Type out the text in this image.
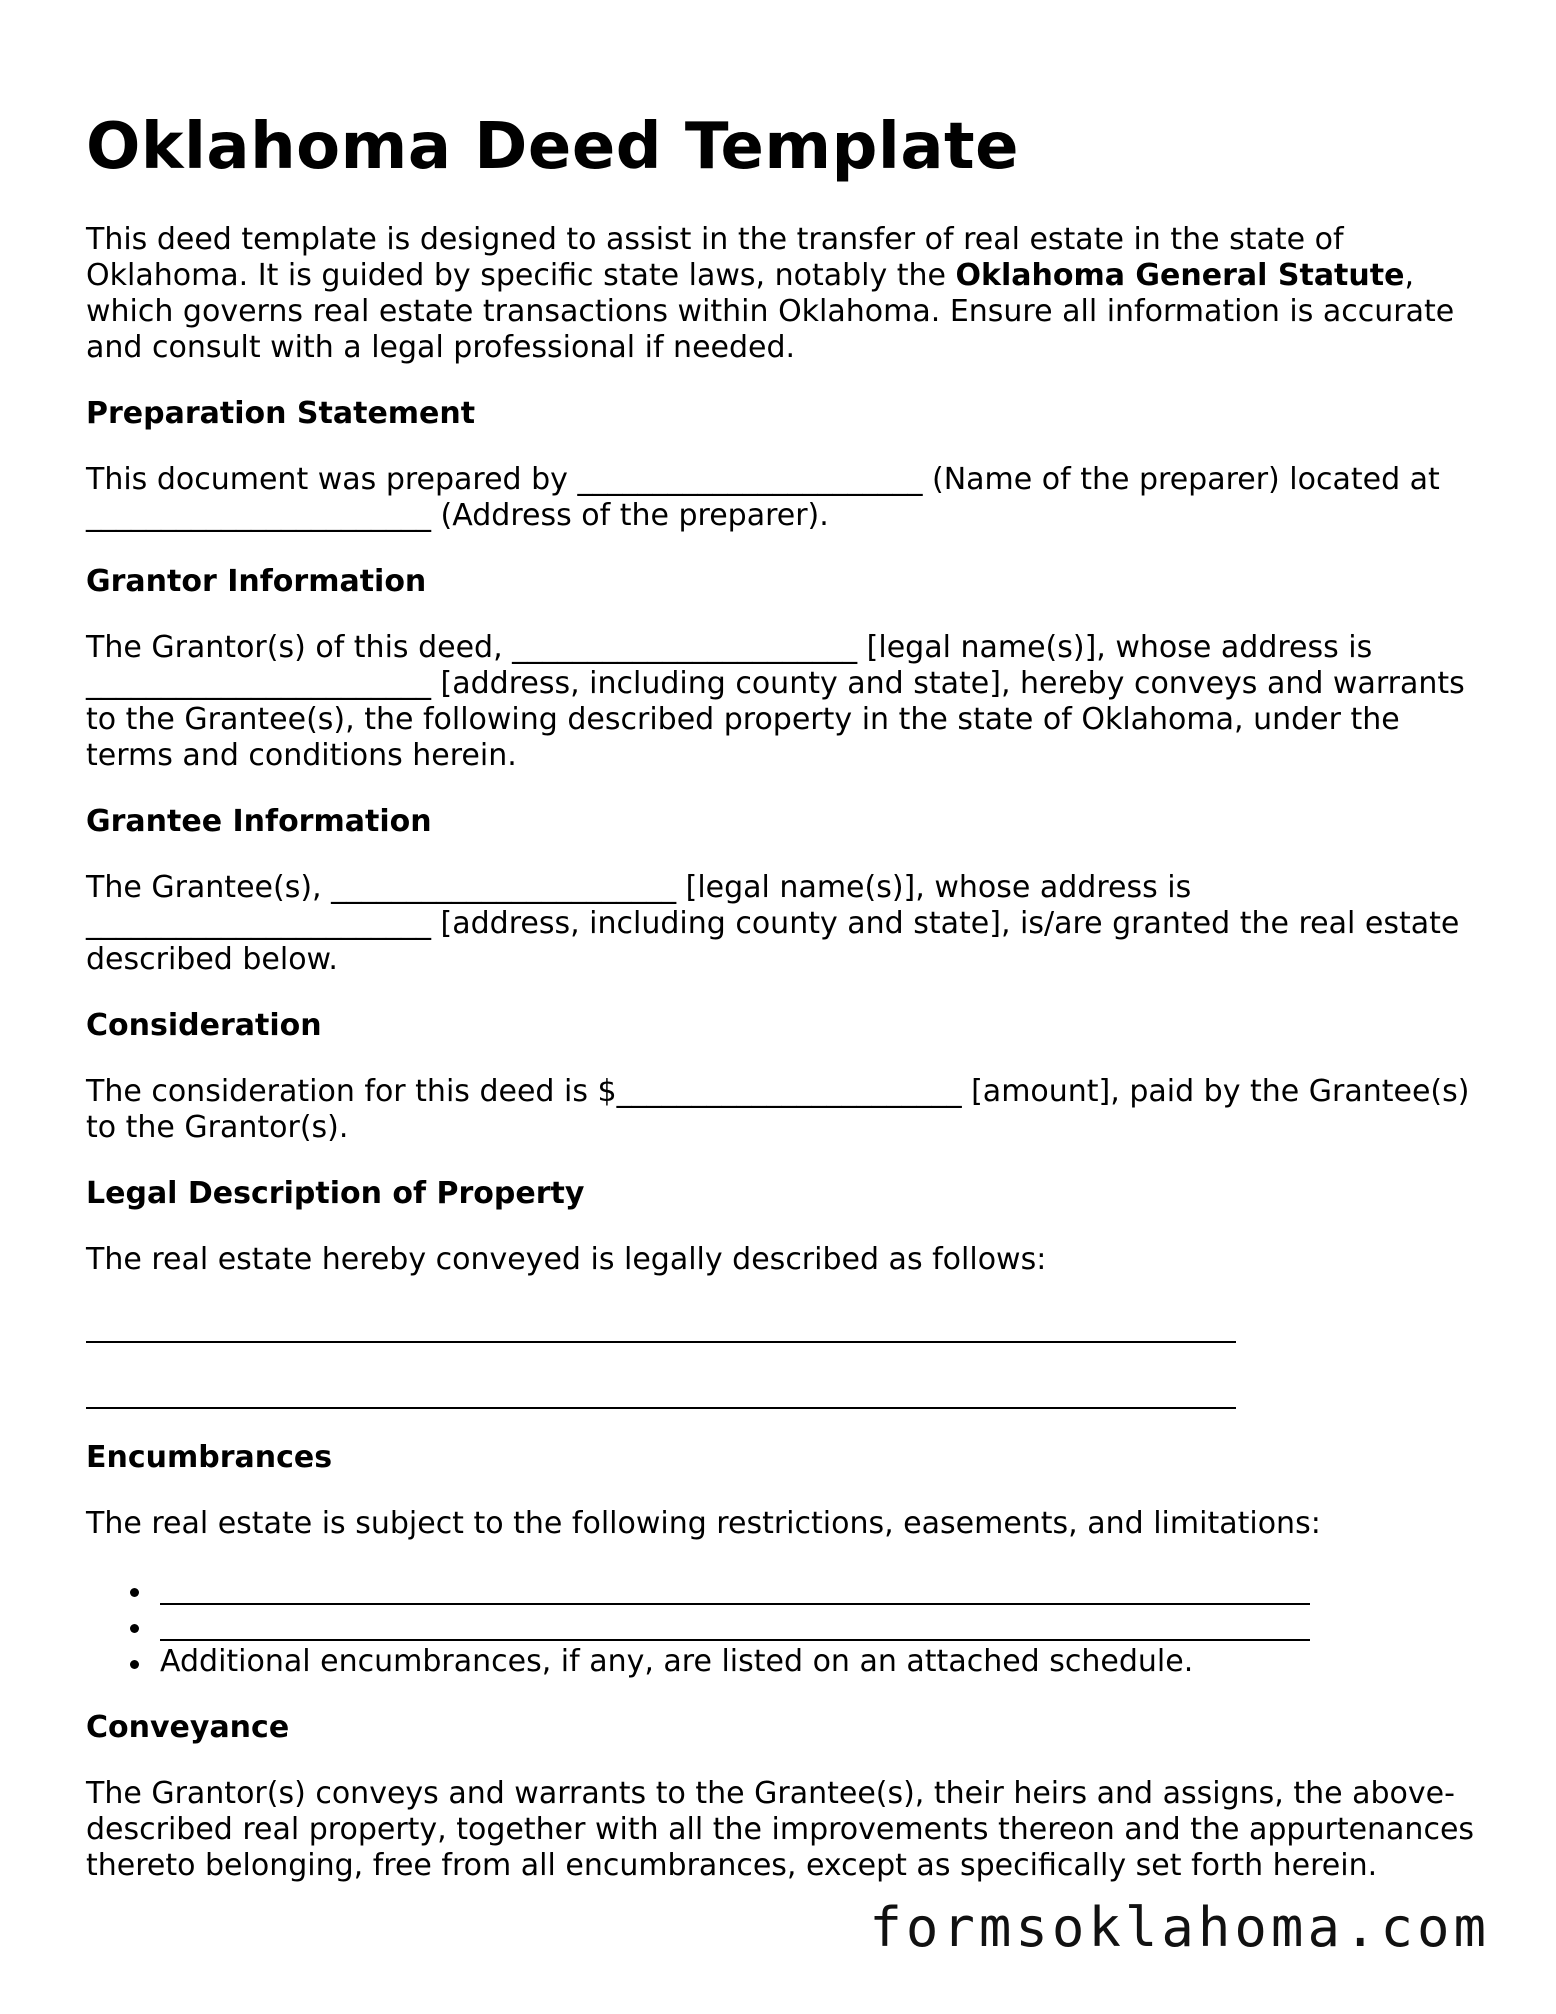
Oklahoma Deed Template

This deed template is designed to assist in the transfer of real estate in the state of Oklahoma. It is guided by specific state laws, notably the Oklahoma General Statute, which governs real estate transactions within Oklahoma. Ensure all information is accurate and consult with a legal professional if needed.

Preparation Statement

This document was prepared by _______________________ (Name of the preparer) located at _______________________ (Address of the preparer).

Grantor Information

The Grantor(s) of this deed, _______________________ [legal name(s)], whose address is _______________________ [address, including county and state], hereby conveys and warrants to the Grantee(s), the following described property in the state of Oklahoma, under the terms and conditions herein.

Grantee Information

The Grantee(s), _______________________ [legal name(s)], whose address is _______________________ [address, including county and state], is/are granted the real estate described below.

Consideration

The consideration for this deed is $_______________________ [amount], paid by the Grantee(s) to the Grantor(s).

Legal Description of Property

The real estate hereby conveyed is legally described as follows:

Encumbrances

The real estate is subject to the following restrictions, easements, and limitations:

Additional encumbrances, if any, are listed on an attached schedule.
Conveyance

The Grantor(s) conveys and warrants to the Grantee(s), their heirs and assigns, the above-described real property, together with all the improvements thereon and the appurtenances thereto belonging, free from all encumbrances, except as specifically set forth herein.

formsoklahoma.com
